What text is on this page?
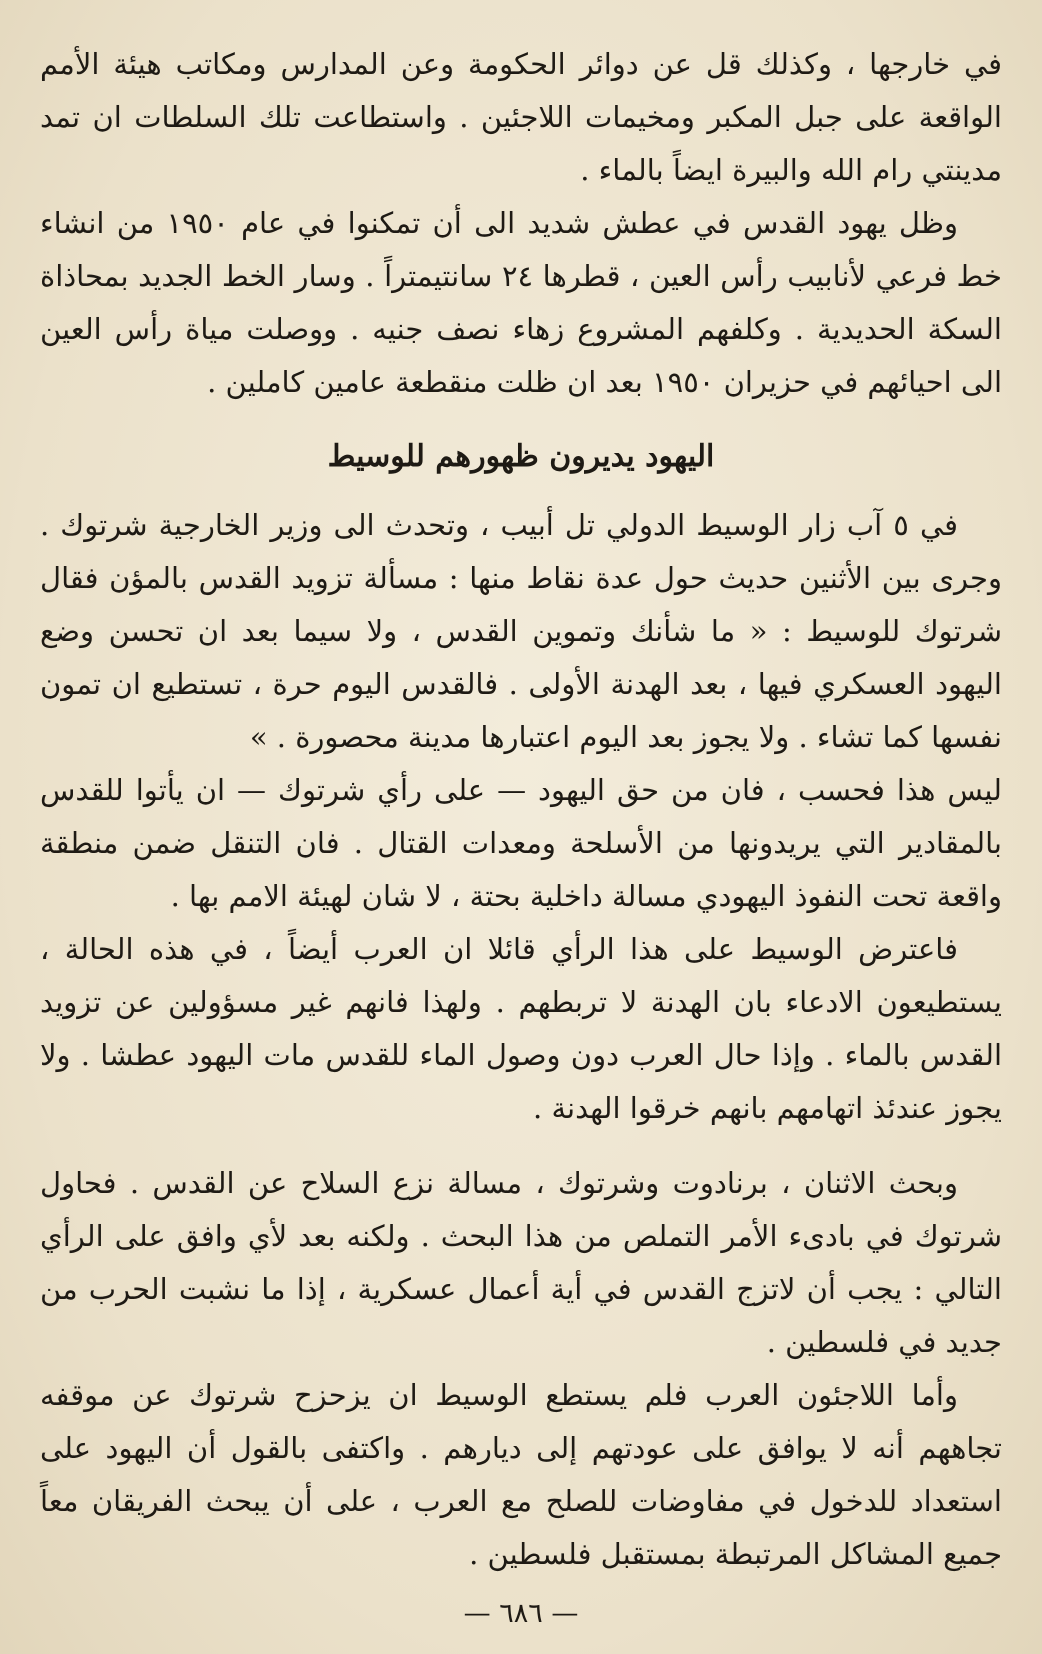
في خارجها ، وكذلك قل عن دوائر الحكومة وعن المدارس ومكاتب هيئة الأمم الواقعة على جبل المكبر ومخيمات اللاجئين . واستطاعت تلك السلطات ان تمد مدينتي رام الله والبيرة ايضاً بالماء .

وظل يهود القدس في عطش شديد الى أن تمكنوا في عام ١٩٥٠ من انشاء خط فرعي لأنابيب رأس العين ، قطرها ٢٤ سانتيمتراً . وسار الخط الجديد بمحاذاة السكة الحديدية . وكلفهم المشروع زهاء نصف جنيه . ووصلت مياة رأس العين الى احيائهم في حزيران ١٩٥٠ بعد ان ظلت منقطعة عامين كاملين .

اليهود يديرون ظهورهم للوسيط

في ٥ آب زار الوسيط الدولي تل أبيب ، وتحدث الى وزير الخارجية شرتوك . وجرى بين الأثنين حديث حول عدة نقاط منها : مسألة تزويد القدس بالمؤن فقال شرتوك للوسيط : « ما شأنك وتموين القدس ، ولا سيما بعد ان تحسن وضع اليهود العسكري فيها ، بعد الهدنة الأولى . فالقدس اليوم حرة ، تستطيع ان تمون نفسها كما تشاء . ولا يجوز بعد اليوم اعتبارها مدينة محصورة . »

ليس هذا فحسب ، فان من حق اليهود — على رأي شرتوك — ان يأتوا للقدس بالمقادير التي يريدونها من الأسلحة ومعدات القتال . فان التنقل ضمن منطقة واقعة تحت النفوذ اليهودي مسالة داخلية بحتة ، لا شان لهيئة الامم بها .

فاعترض الوسيط على هذا الرأي قائلا ان العرب أيضاً ، في هذه الحالة ، يستطيعون الادعاء بان الهدنة لا تربطهم . ولهذا فانهم غير مسؤولين عن تزويد القدس بالماء . وإذا حال العرب دون وصول الماء للقدس مات اليهود عطشا . ولا يجوز عندئذ اتهامهم بانهم خرقوا الهدنة .

وبحث الاثنان ، برنادوت وشرتوك ، مسالة نزع السلاح عن القدس . فحاول شرتوك في بادىء الأمر التملص من هذا البحث . ولكنه بعد لأي وافق على الرأي التالي : يجب أن لاتزج القدس في أية أعمال عسكرية ، إذا ما نشبت الحرب من جديد في فلسطين .

وأما اللاجئون العرب فلم يستطع الوسيط ان يزحزح شرتوك عن موقفه تجاههم أنه لا يوافق على عودتهم إلى ديارهم . واكتفى بالقول أن اليهود على استعداد للدخول في مفاوضات للصلح مع العرب ، على أن يبحث الفريقان معاً جميع المشاكل المرتبطة بمستقبل فلسطين .

— ٦٨٦ —
